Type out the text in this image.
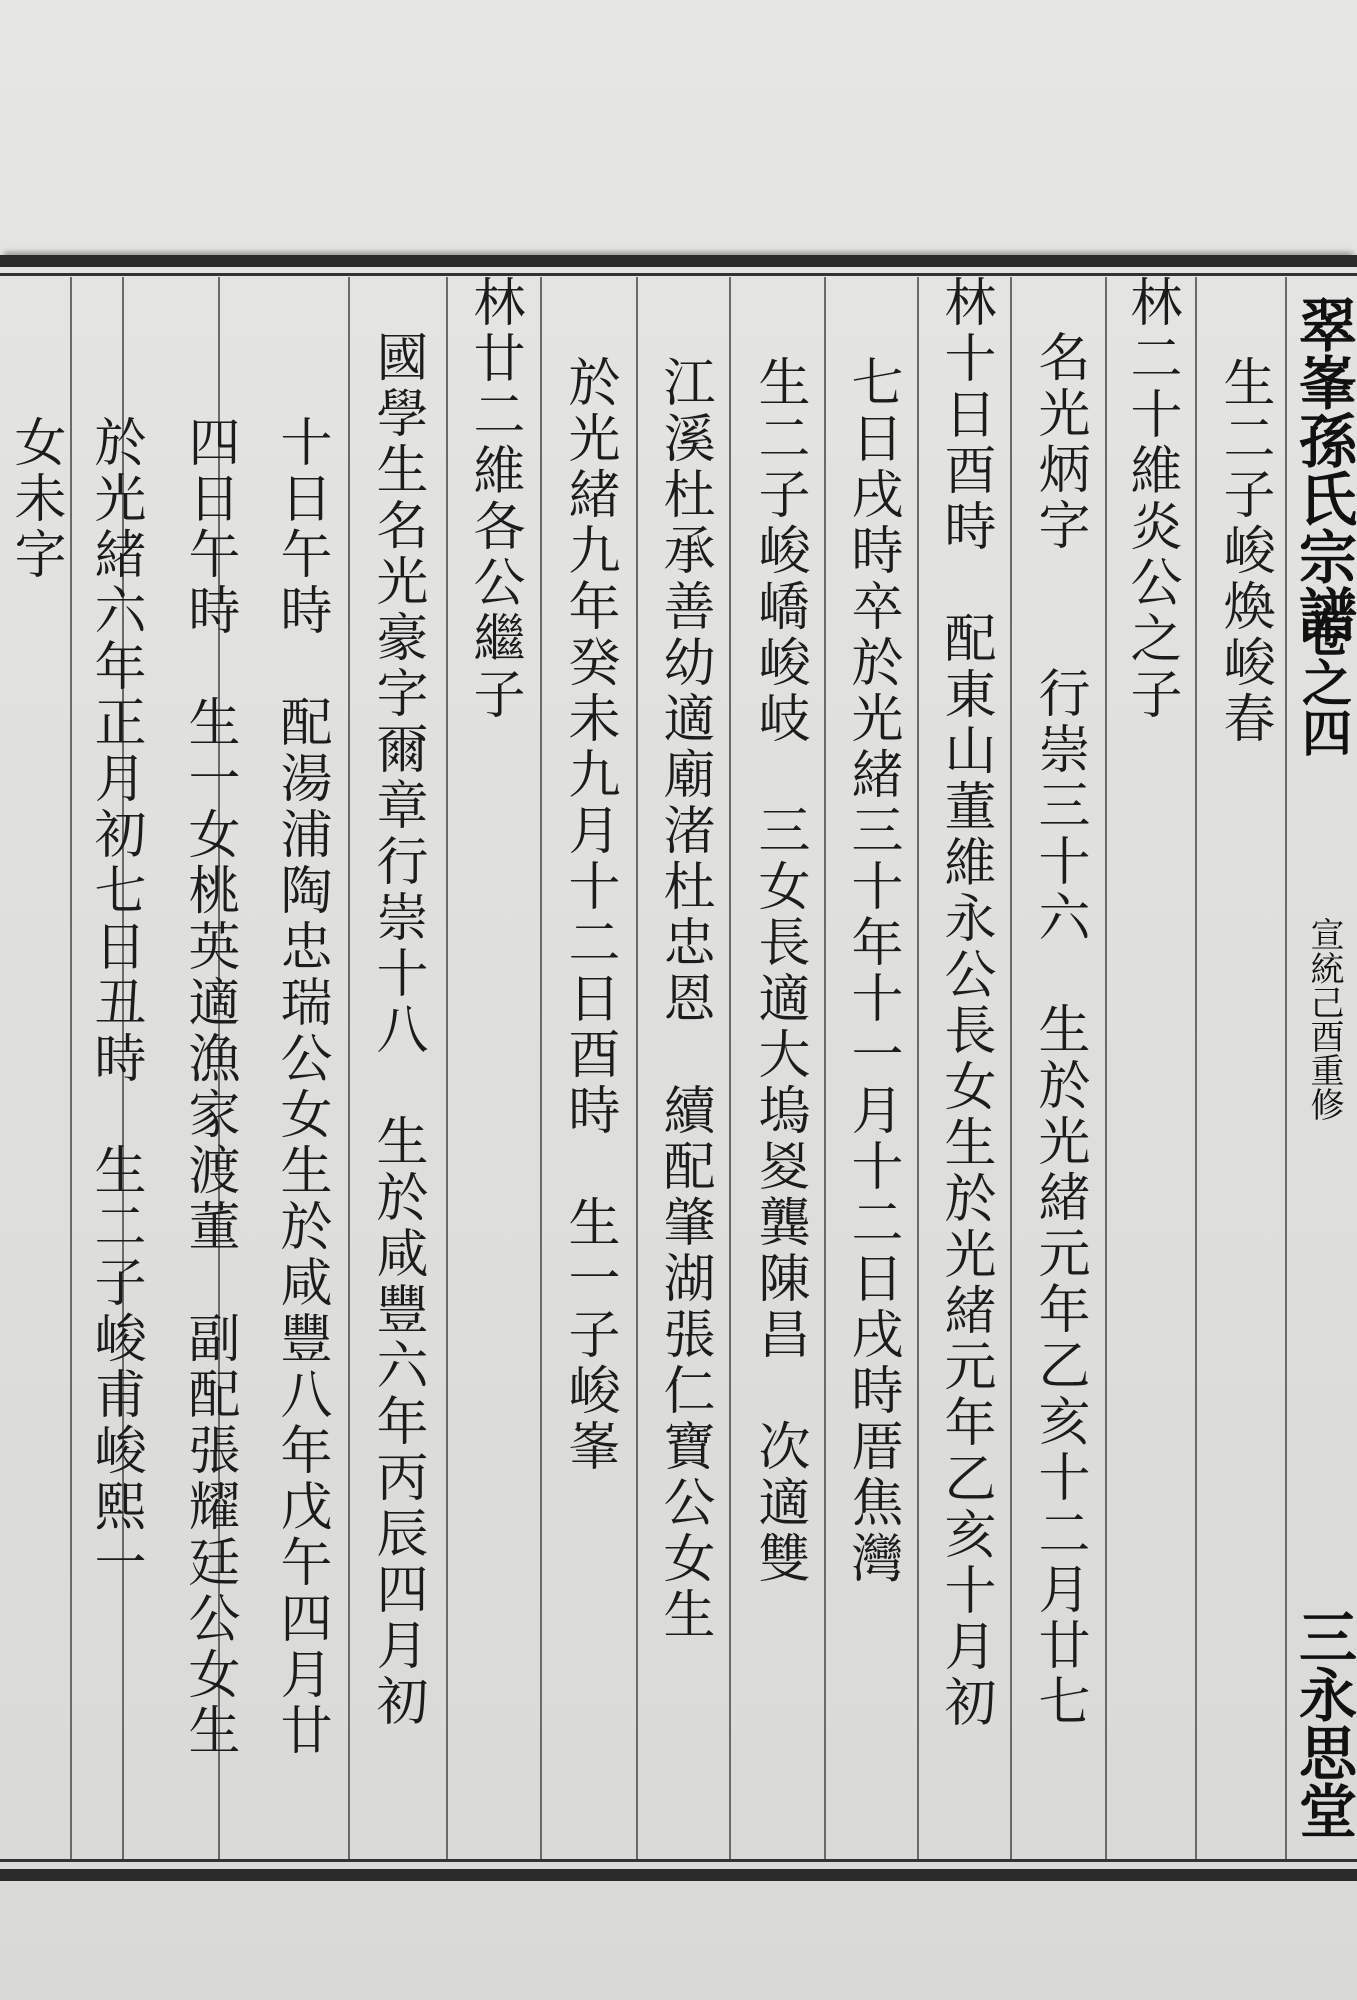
翠峯孫氏宗譜
卷之四
宣統己酉重修
三永思堂
生二子峻煥峻春
林二十維炎公之子
名光炳字　　行崇三十六　生於光緒元年乙亥十二月廿七
林十日酉時　配東山董維永公長女生於光緒元年乙亥十月初
七日戌時卒於光緒三十年十一月十二日戌時厝焦灣
生二子峻嶠峻岐　三女長適大塢㚇龔陳昌　次適雙
江溪杜承善幼適廟渚杜忠恩　續配肇湖張仁寶公女生
於光緒九年癸未九月十二日酉時　生一子峻峯
林廿二維各公繼子
國學生名光豪字爾章行崇十八　生於咸豐六年丙辰四月初
十日午時　配湯浦陶忠瑞公女生於咸豐八年戊午四月廿
四日午時　生一女桃英適漁家渡董　副配張耀廷公女生
於光緒六年正月初七日丑時　生二子峻甫峻熙一
女未字
